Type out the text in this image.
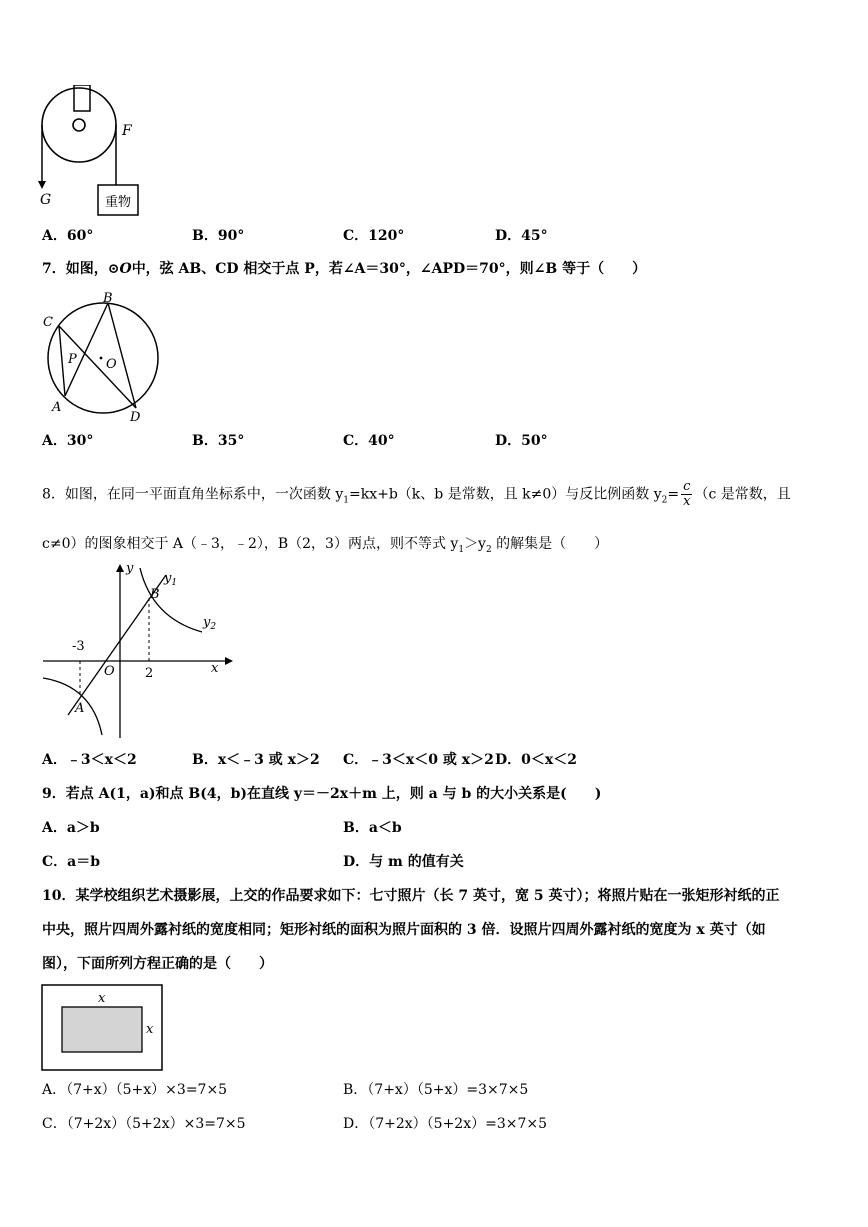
重物
F
G
A．60°	B．90°	C．120°	D．45°
7．如图，⊙O中，弦 AB、CD 相交于点 P，若∠A＝30°，∠APD＝70°，则∠B 等于（　　）
B
C
P O
A
D
A．30°	B．35°	C．40°	D．50°
8．如图，在同一平面直角坐标系中，一次函数 $y_1=kx+b(k$、b 是常数，且 k≠0）与反比例函数 $y_2= \frac{c}{x} (c$ 是常数，且
c≠0）的图象相交于 A（﹣3，﹣2），B（2，3）两点，则不等式 $y_1>y_2$ 的解集是（　　）
y
x
O
$y_1$
$y_2$
B
A
-3
2
A．﹣3＜x＜2	B．x＜﹣3 或 x＞2 C．﹣3＜x＜0 或 x＞2 D．0＜x＜2
9．若点 A(1，a)和点 B(4，b)在直线 y＝－2x＋m 上，则 a 与 b 的大小关系是(　　)
A．a＞b	B．a＜b
C．a＝b	D．与 m 的值有关
10．某学校组织艺术摄影展，上交的作品要求如下：七寸照片（长 7 英寸，宽 5 英寸）；将照片贴在一张矩形衬纸的正
中央，照片四周外露衬纸的宽度相同；矩形衬纸的面积为照片面积的 3 倍．设照片四周外露衬纸的宽度为 x 英寸（如
图），下面所列方程正确的是（　　）
x
x
A．（7+x）（5+x）×3=7×5	B．（7+x）（5+x）=3×7×5
C．（7+2x）（5+2x）×3=7×5	D．（7+2x）（5+2x）=3×7×5
